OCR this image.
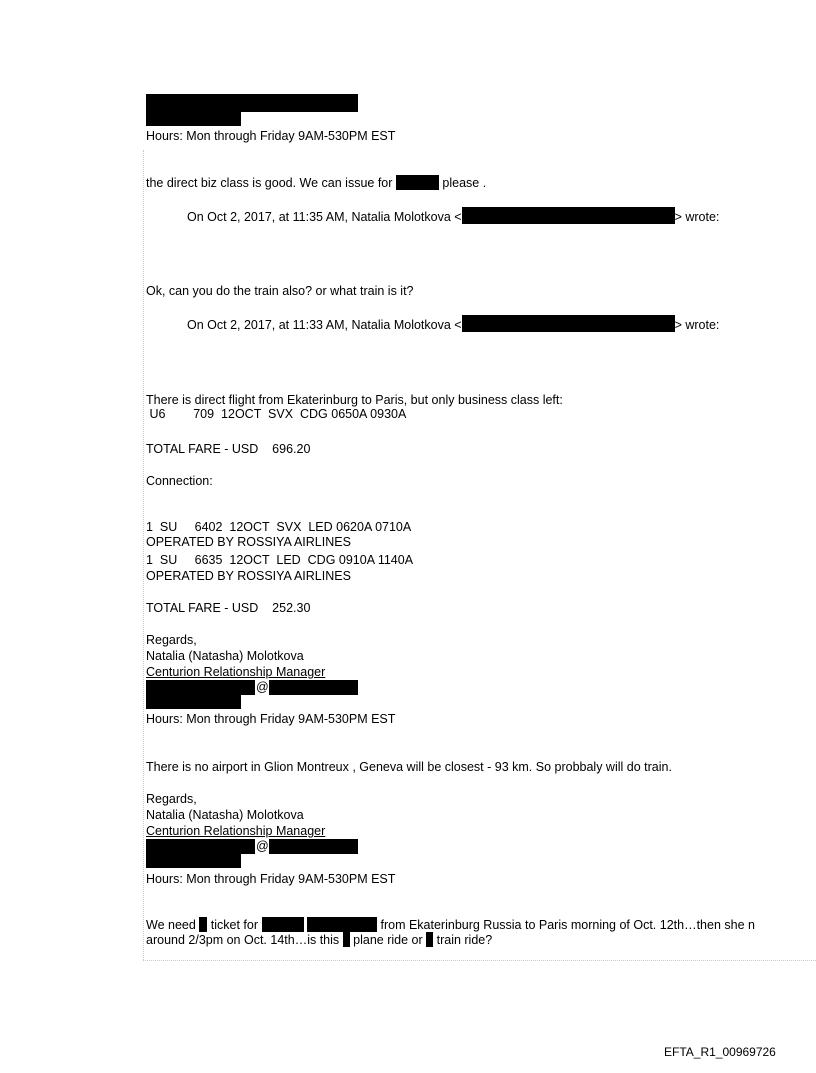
Hours: Mon through Friday 9AM-530PM EST
the direct biz class is good. We can issue for	please .
On Oct 2, 2017, at 11:35 AM, Natalia Molotkova <	> wrote:
Ok, can you do the train also? or what train is it?
On Oct 2, 2017, at 11:33 AM, Natalia Molotkova <	> wrote:
There is direct flight from Ekaterinburg to Paris, but only business class left:
U6        709  12OCT  SVX  CDG 0650A 0930A
TOTAL FARE - USD    696.20
Connection:
1  SU     6402  12OCT  SVX  LED 0620A 0710A
OPERATED BY ROSSIYA AIRLINES
1  SU     6635  12OCT  LED  CDG 0910A 1140A
OPERATED BY ROSSIYA AIRLINES
TOTAL FARE - USD    252.30
Regards,
Natalia (Natasha) Molotkova
Centurion Relationship Manager
@
Hours: Mon through Friday 9AM-530PM EST
There is no airport in Glion Montreux , Geneva will be closest - 93 km. So probbaly will do train.
Regards,
Natalia (Natasha) Molotkova
Centurion Relationship Manager
@
Hours: Mon through Friday 9AM-530PM EST
We need ticket for	from Ekaterinburg Russia to Paris morning of Oct. 12th…then she n
around 2/3pm on Oct. 14th…is this plane ride or train ride?
EFTA_R1_00969726
